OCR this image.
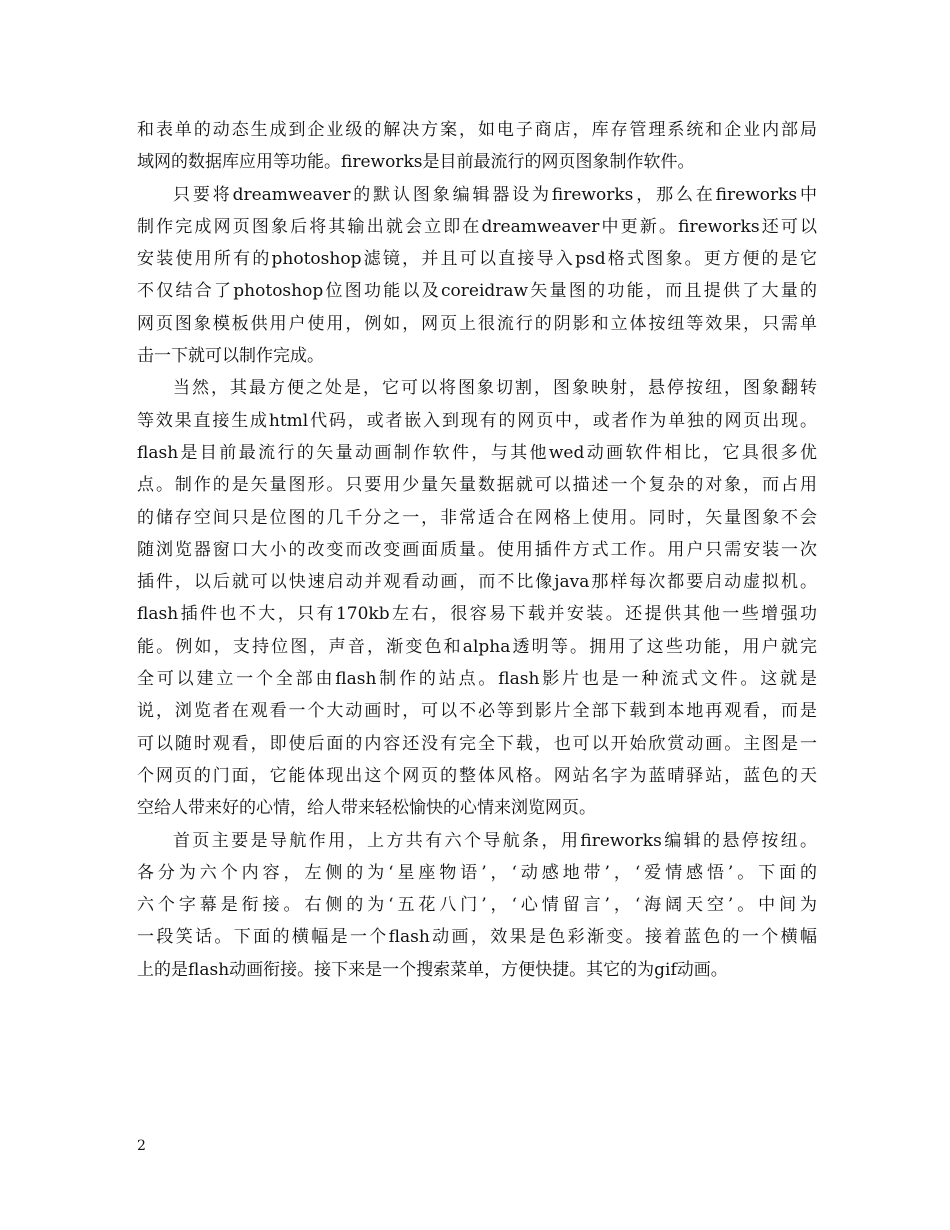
和表单的动态生成到企业级的解决方案，如电子商店，库存管理系统和企业内部局
域网的数据库应用等功能。fireworks是目前最流行的网页图象制作软件。
只要将dreamweaver的默认图象编辑器设为fireworks，那么在fireworks中
制作完成网页图象后将其输出就会立即在dreamweaver中更新。fireworks还可以
安装使用所有的photoshop滤镜，并且可以直接导入psd格式图象。更方便的是它
不仅结合了photoshop位图功能以及coreidraw矢量图的功能，而且提供了大量的
网页图象模板供用户使用，例如，网页上很流行的阴影和立体按纽等效果，只需单
击一下就可以制作完成。
当然，其最方便之处是，它可以将图象切割，图象映射，悬停按纽，图象翻转
等效果直接生成html代码，或者嵌入到现有的网页中，或者作为单独的网页出现。
flash是目前最流行的矢量动画制作软件，与其他wed动画软件相比，它具很多优
点。制作的是矢量图形。只要用少量矢量数据就可以描述一个复杂的对象，而占用
的储存空间只是位图的几千分之一，非常适合在网格上使用。同时，矢量图象不会
随浏览器窗口大小的改变而改变画面质量。使用插件方式工作。用户只需安装一次
插件，以后就可以快速启动并观看动画，而不比像java那样每次都要启动虚拟机。
flash插件也不大，只有170kb左右，很容易下载并安装。还提供其他一些增强功
能。例如，支持位图，声音，渐变色和alpha透明等。拥用了这些功能，用户就完
全可以建立一个全部由flash制作的站点。flash影片也是一种流式文件。这就是
说，浏览者在观看一个大动画时，可以不必等到影片全部下载到本地再观看，而是
可以随时观看，即使后面的内容还没有完全下载，也可以开始欣赏动画。主图是一
个网页的门面，它能体现出这个网页的整体风格。网站名字为蓝晴驿站，蓝色的天
空给人带来好的心情，给人带来轻松愉快的心情来浏览网页。
首页主要是导航作用，上方共有六个导航条，用fireworks编辑的悬停按纽。
各分为六个内容，左侧的为‘星座物语’，‘动感地带’，‘爱情感悟’。下面的
六个字幕是衔接。右侧的为‘五花八门’，‘心情留言’，‘海阔天空’。中间为
一段笑话。下面的横幅是一个flash动画，效果是色彩渐变。接着蓝色的一个横幅
上的是flash动画衔接。接下来是一个搜索菜单，方便快捷。其它的为gif动画。
2
